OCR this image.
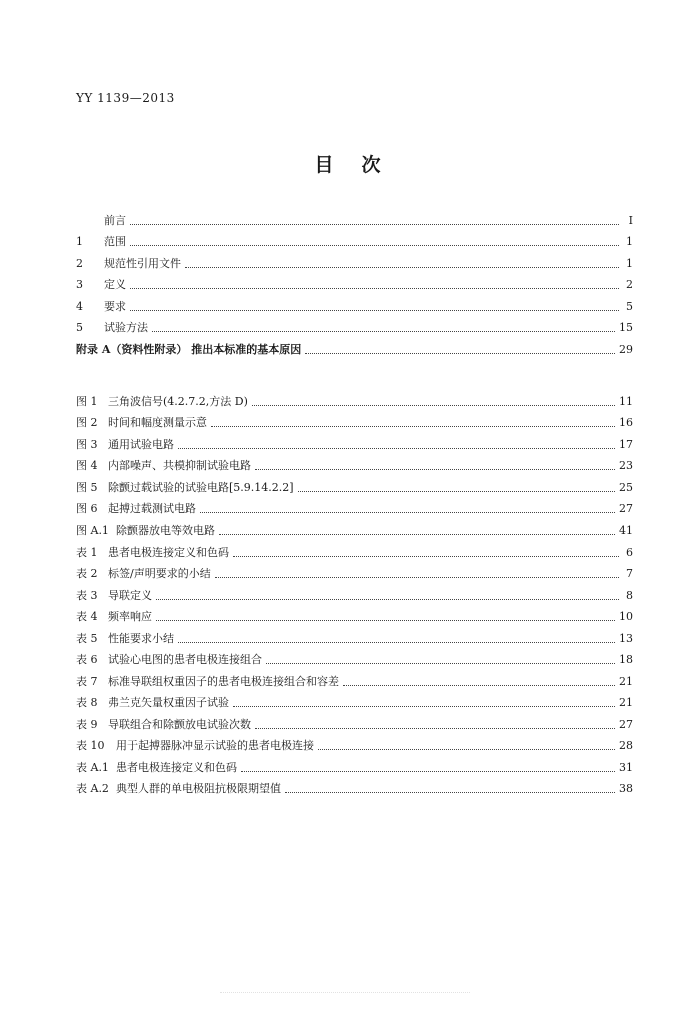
YY 1139—2013
目次
前言	I
1	范围	1
2	规范性引用文件	1
3	定义	2
4	要求	5
5	试验方法	15
附录 A（资料性附录） 推出本标准的基本原因	29
图 1 三角波信号(4.2.7.2,方法 D)	11
图 2 时间和幅度测量示意	16
图 3 通用试验电路	17
图 4 内部噪声、共模抑制试验电路	23
图 5 除颤过载试验的试验电路[5.9.14.2.2]	25
图 6 起搏过载测试电路	27
图 A.1 除颤器放电等效电路	41
表 1 患者电极连接定义和色码	6
表 2 标签/声明要求的小结	7
表 3 导联定义	8
表 4 频率响应	10
表 5 性能要求小结	13
表 6 试验心电图的患者电极连接组合	18
表 7 标准导联组权重因子的患者电极连接组合和容差	21
表 8 弗兰克矢量权重因子试验	21
表 9 导联组合和除颤放电试验次数	27
表 10	用于起搏器脉冲显示试验的患者电极连接	28
表 A.1 患者电极连接定义和色码	31
表 A.2 典型人群的单电极阻抗极限期望值	38
